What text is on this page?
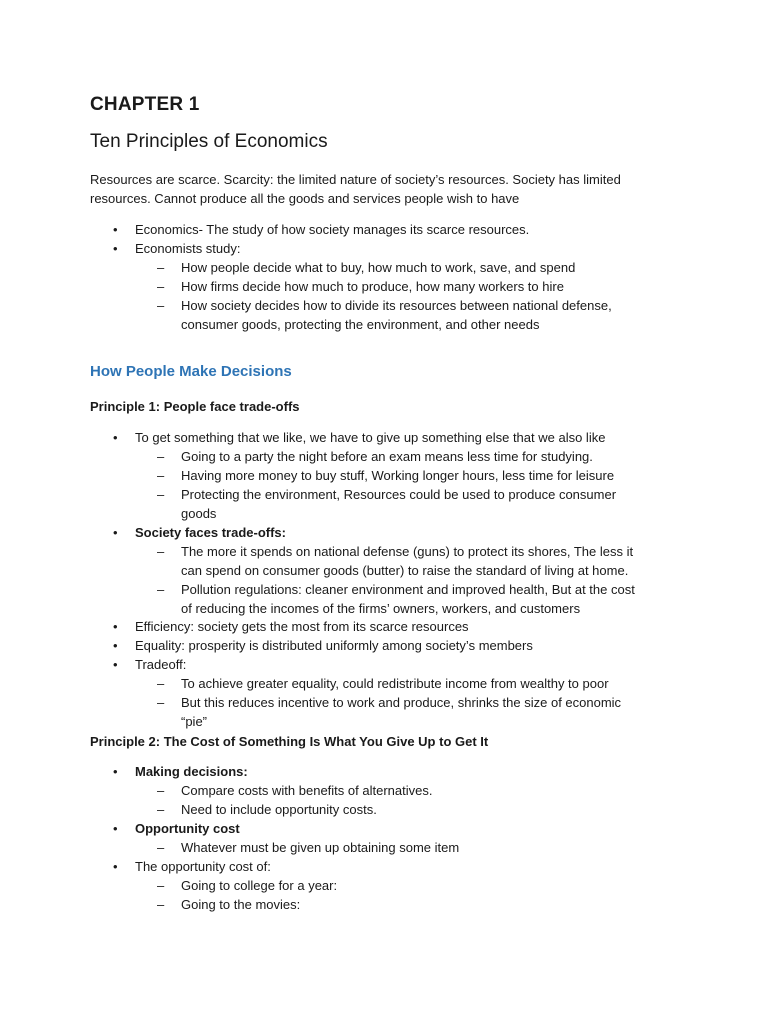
CHAPTER 1
Ten Principles of Economics
Resources are scarce. Scarcity: the limited nature of society’s resources. Society has limited
resources. Cannot produce all the goods and services people wish to have
• Economics- The study of how society manages its scarce resources.
• Economists study:
– How people decide what to buy, how much to work, save, and spend
– How firms decide how much to produce, how many workers to hire
– How society decides how to divide its resources between national defense,
consumer goods, protecting the environment, and other needs
How People Make Decisions
Principle 1: People face trade-offs
• To get something that we like, we have to give up something else that we also like
– Going to a party the night before an exam means less time for studying.
– Having more money to buy stuff, Working longer hours, less time for leisure
– Protecting the environment, Resources could be used to produce consumer
goods
• Society faces trade-offs:
– The more it spends on national defense (guns) to protect its shores, The less it
can spend on consumer goods (butter) to raise the standard of living at home.
– Pollution regulations: cleaner environment and improved health, But at the cost
of reducing the incomes of the firms’ owners, workers, and customers
• Efficiency: society gets the most from its scarce resources
• Equality: prosperity is distributed uniformly among society’s members
• Tradeoff:
– To achieve greater equality, could redistribute income from wealthy to poor
– But this reduces incentive to work and produce, shrinks the size of economic
“pie”
Principle 2: The Cost of Something Is What You Give Up to Get It
• Making decisions:
– Compare costs with benefits of alternatives.
– Need to include opportunity costs.
• Opportunity cost
– Whatever must be given up obtaining some item
• The opportunity cost of:
– Going to college for a year:
– Going to the movies:
